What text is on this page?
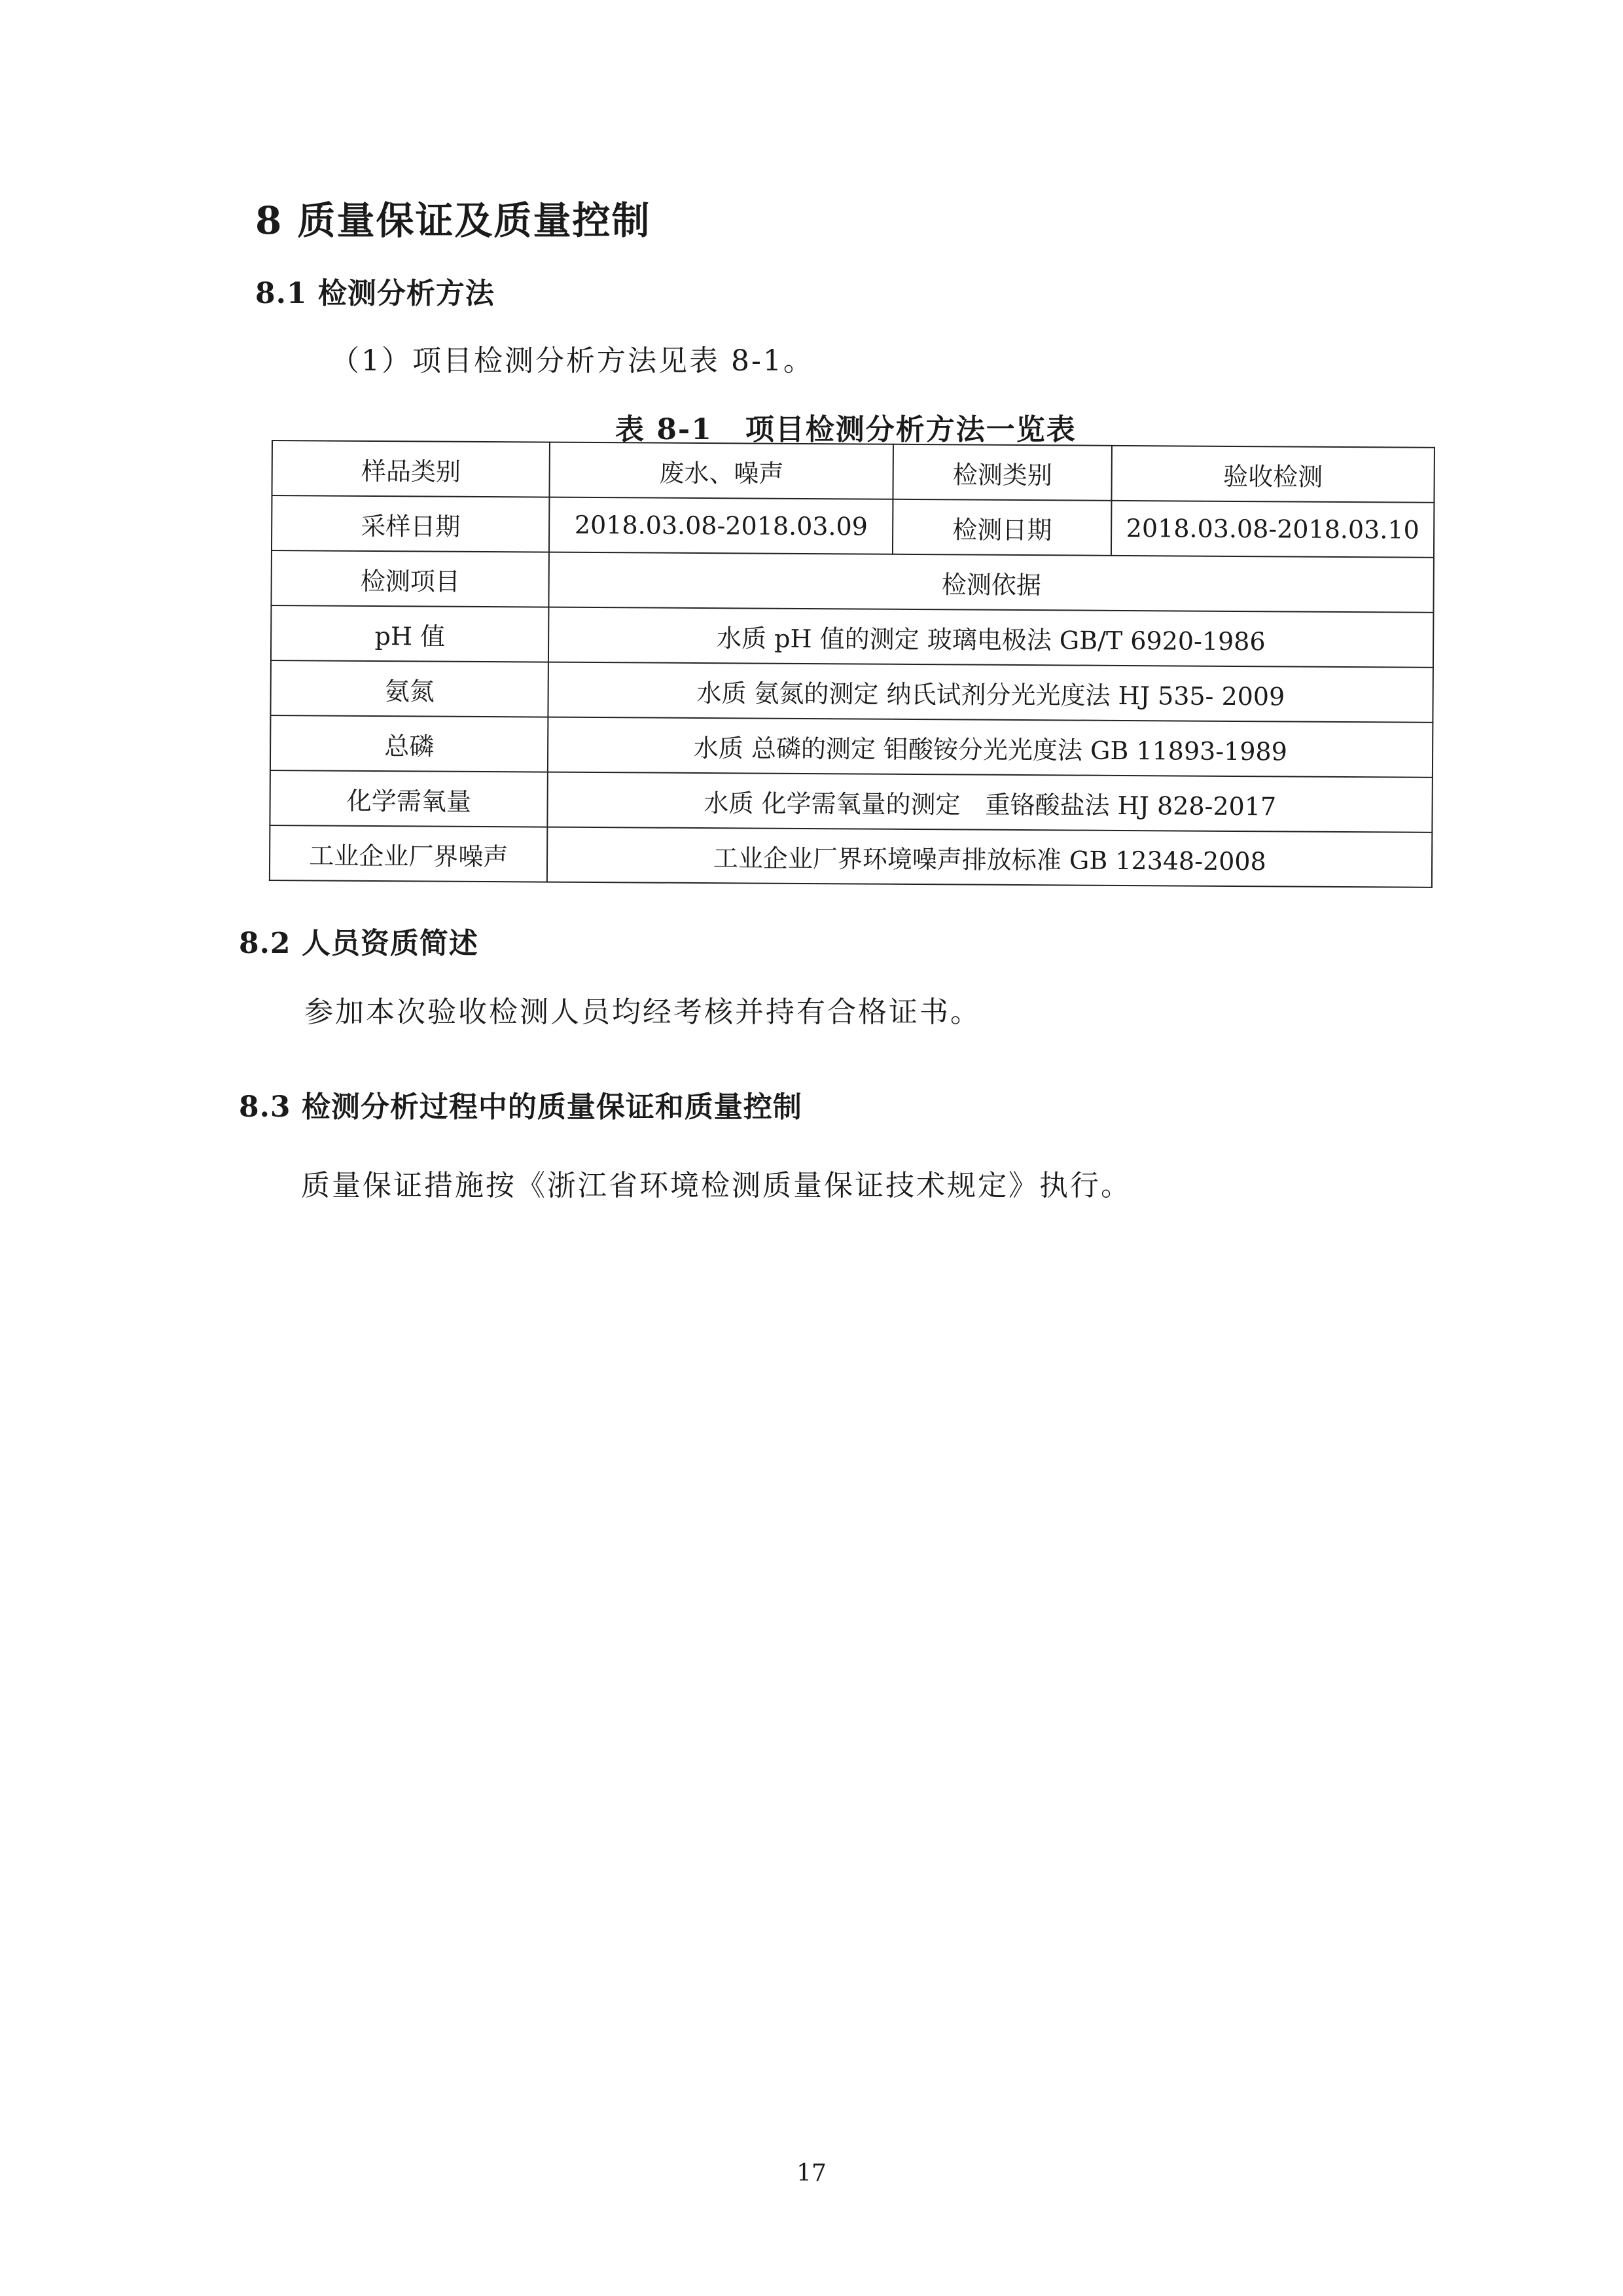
8 质量保证及质量控制
8.1 检测分析方法
（1）项目检测分析方法见表 8-1。
表 8-1 项目检测分析方法一览表
样品类别	废水、噪声	检测类别	验收检测
采样日期	2018.03.08-2018.03.09	检测日期	2018.03.08-2018.03.10
检测项目	检测依据		
pH 值	水质 pH 值的测定 玻璃电极法 GB/T 6920-1986		
氨氮	水质 氨氮的测定 纳氏试剂分光光度法 HJ 535- 2009		
总磷	水质 总磷的测定 钼酸铵分光光度法 GB 11893-1989		
化学需氧量	水质 化学需氧量的测定　重铬酸盐法 HJ 828-2017		
工业企业厂界噪声	工业企业厂界环境噪声排放标准 GB 12348-2008		
8.2 人员资质简述
参加本次验收检测人员均经考核并持有合格证书。
8.3 检测分析过程中的质量保证和质量控制
质量保证措施按《浙江省环境检测质量保证技术规定》执行。
17
